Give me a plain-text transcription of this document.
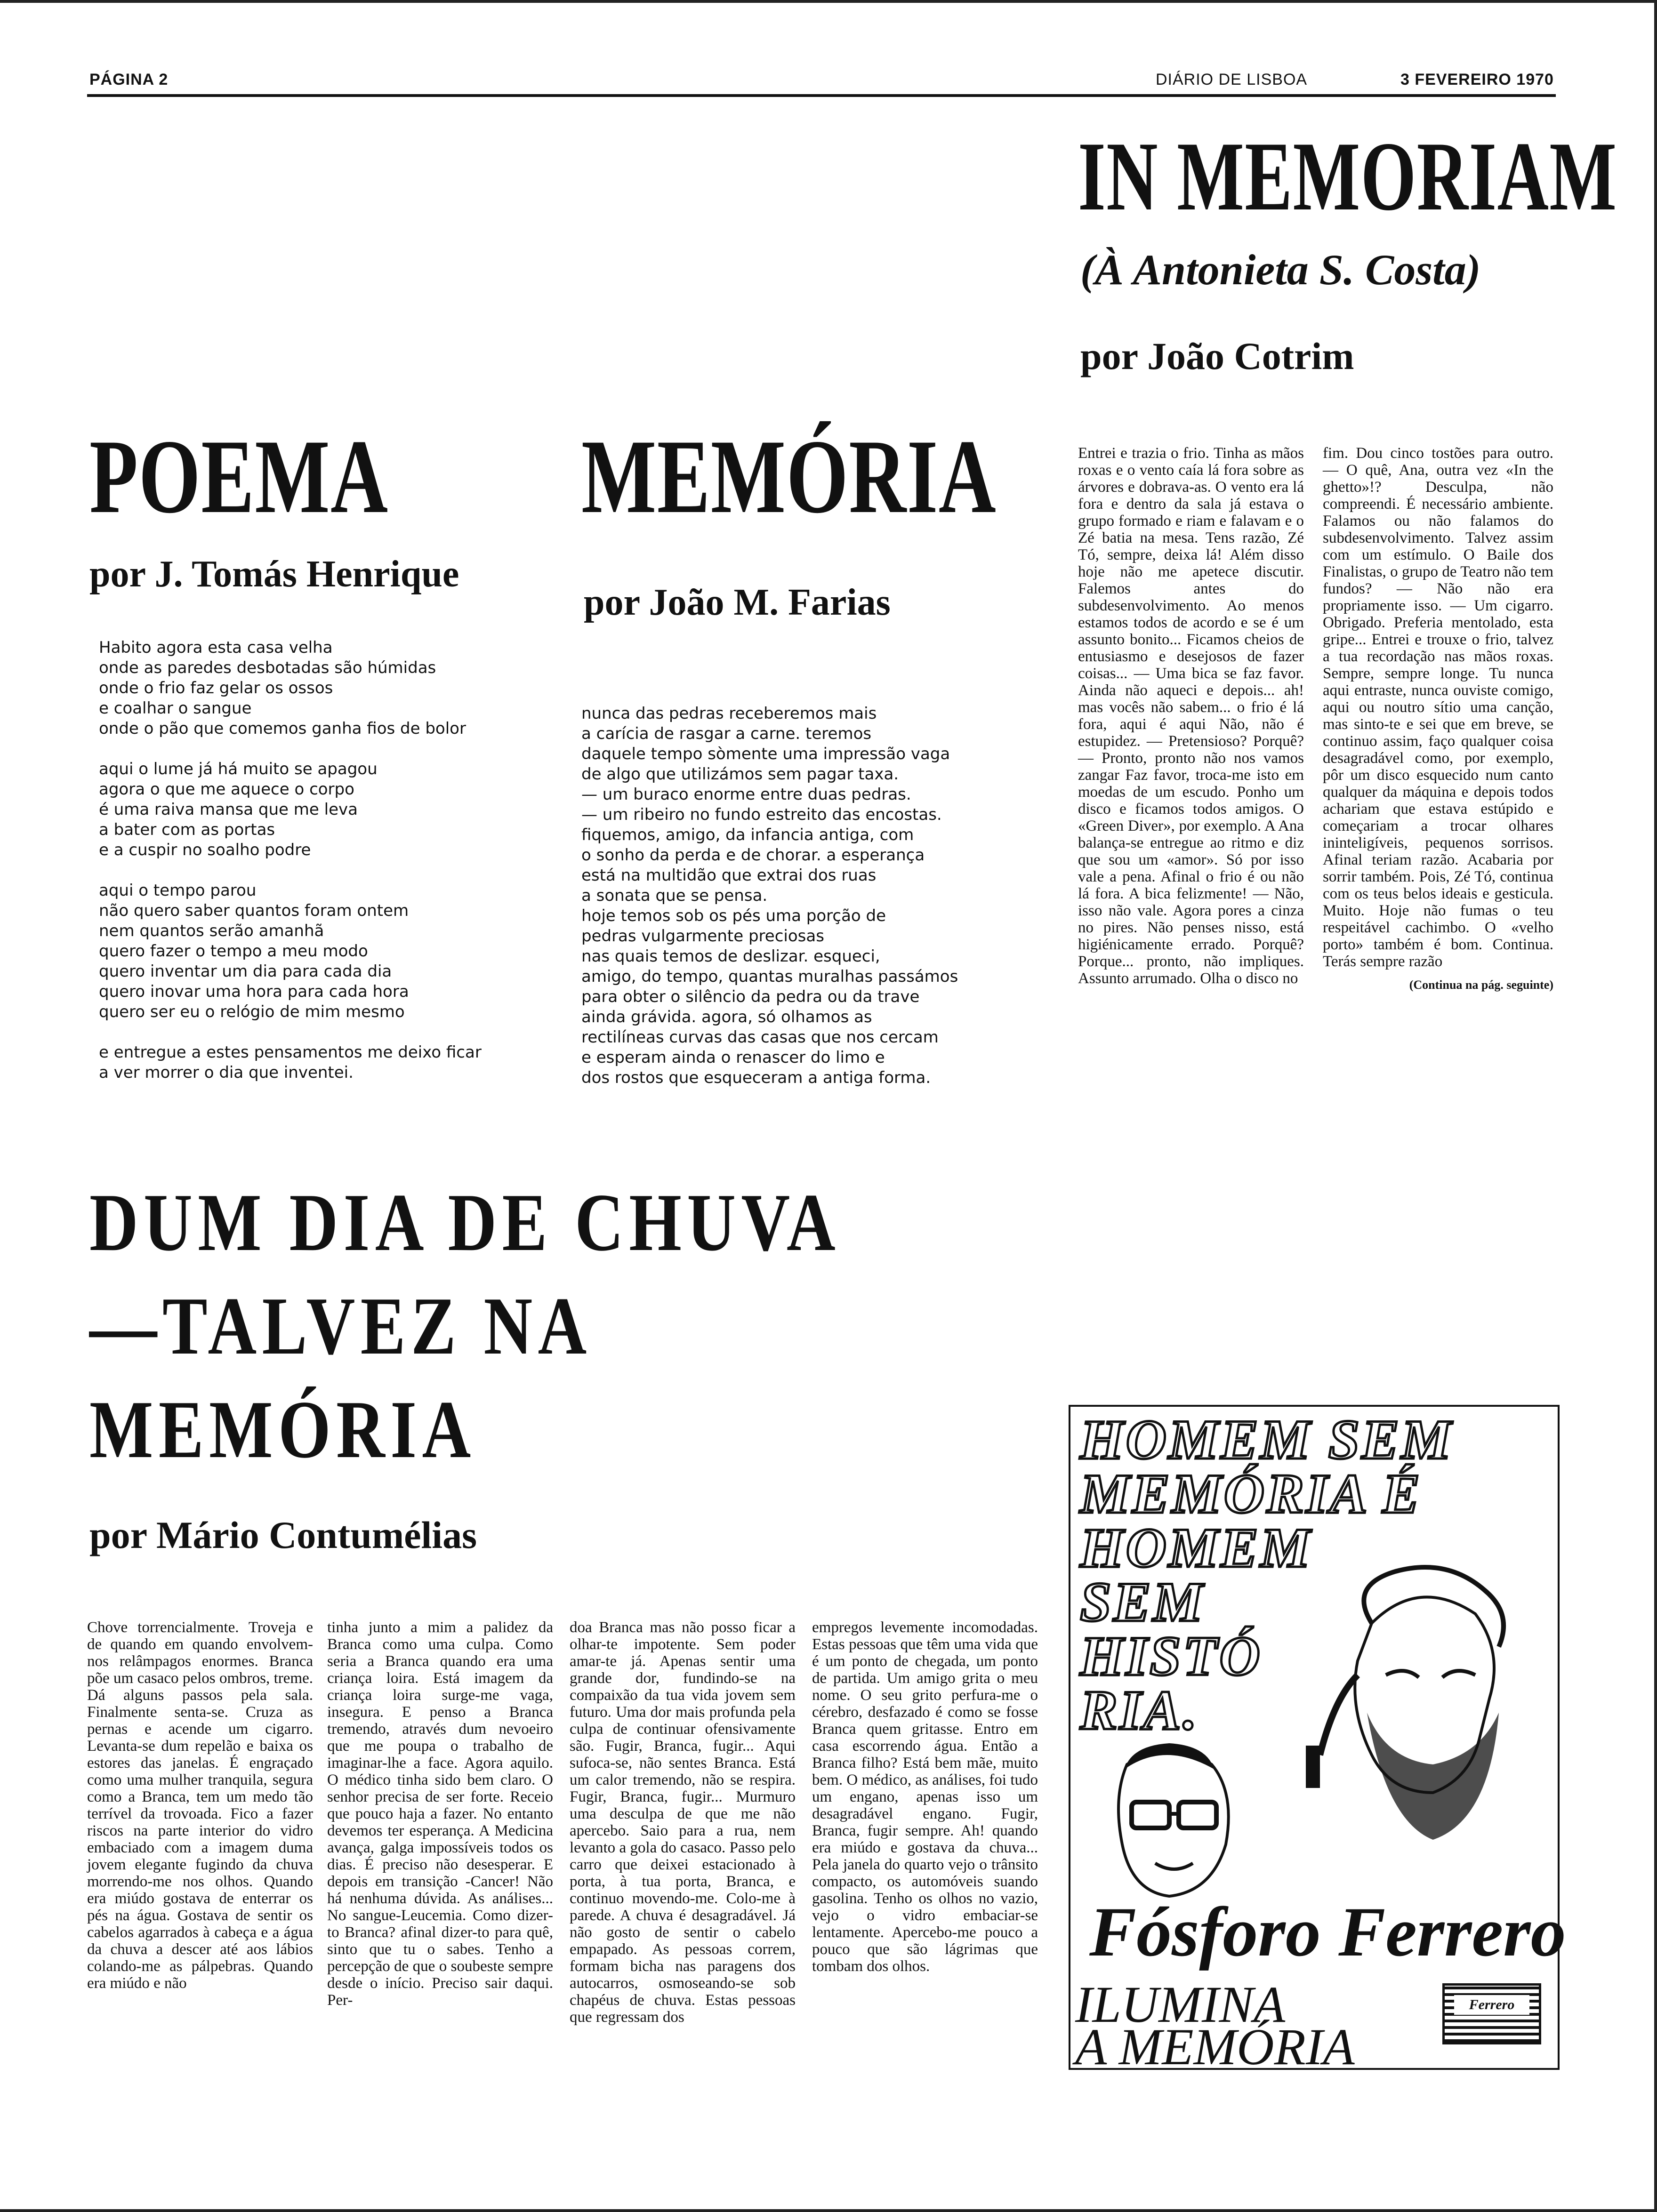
PÁGINA 2	DIÁRIO DE LISBOA	3 FEVEREIRO 1970
IN MEMORIAM
(À Antonieta S. Costa)
por João Cotrim

Entrei e trazia o frio. Tinha as mãos roxas e o vento caía lá fora sobre as árvores e dobrava-as. O vento era lá fora e dentro da sala já estava o grupo formado e riam e falavam e o Zé batia na mesa. Tens razão, Zé Tó, sempre, deixa lá! Além disso hoje não me apetece discutir. Falemos antes do subdesenvolvimento. Ao menos estamos todos de acordo e se é um assunto bonito... Ficamos cheios de entusiasmo e desejosos de fazer coisas... — Uma bica se faz favor. Ainda não aqueci e depois... ah! mas vocês não sabem... o frio é lá fora, aqui é aqui Não, não é estupidez. — Pretensioso? Porquê? — Pronto, pronto não nos vamos zangar Faz favor, troca-me isto em moedas de um escudo. Ponho um disco e ficamos todos amigos. O «Green Diver», por exemplo. A Ana balança-se entregue ao ritmo e diz que sou um «amor». Só por isso vale a pena. Afinal o frio é ou não lá fora. A bica felizmente! — Não, isso não vale. Agora pores a cinza no pires. Não penses nisso, está higiénicamente errado. Porquê? Porque... pronto, não impliques. Assunto arrumado. Olha o disco no

fim. Dou cinco tostões para outro. — O quê, Ana, outra vez «In the ghetto»!? Desculpa, não compreendi. É necessário ambiente. Falamos ou não falamos do subdesenvolvimento. Talvez assim com um estímulo. O Baile dos Finalistas, o grupo de Teatro não tem fundos? — Não não era propriamente isso. — Um cigarro. Obrigado. Preferia mentolado, esta gripe... Entrei e trouxe o frio, talvez a tua recordação nas mãos roxas. Sempre, sempre longe. Tu nunca aqui entraste, nunca ouviste comigo, aqui ou noutro sítio uma canção, mas sinto-te e sei que em breve, se continuo assim, faço qualquer coisa desagradável como, por exemplo, pôr um disco esquecido num canto qualquer da máquina e depois todos achariam que estava estúpido e começariam a trocar olhares ininteligíveis, pequenos sorrisos. Afinal teriam razão. Acabaria por sorrir também. Pois, Zé Tó, continua com os teus belos ideais e gesticula. Muito. Hoje não fumas o teu respeitável cachimbo. O «velho porto» também é bom. Continua. Terás sempre razão

(Continua na pág. seguinte)

POEMA
por J. Tomás Henrique
Habito agora esta casa velha
onde as paredes desbotadas são húmidas
onde o frio faz gelar os ossos
e coalhar o sangue
onde o pão que comemos ganha fios de bolor

aqui o lume já há muito se apagou
agora o que me aquece o corpo
é uma raiva mansa que me leva
a bater com as portas
e a cuspir no soalho podre

aqui o tempo parou
não quero saber quantos foram ontem
nem quantos serão amanhã
quero fazer o tempo a meu modo
quero inventar um dia para cada dia
quero inovar uma hora para cada hora
quero ser eu o relógio de mim mesmo

e entregue a estes pensamentos me deixo ficar
a ver morrer o dia que inventei.
MEMÓRIA
por João M. Farias
nunca das pedras receberemos mais
a carícia de rasgar a carne. teremos
daquele tempo sòmente uma impressão vaga
de algo que utilizámos sem pagar taxa.
— um buraco enorme entre duas pedras.
— um ribeiro no fundo estreito das encostas.
fiquemos, amigo, da infancia antiga, com
o sonho da perda e de chorar. a esperança
está na multidão que extrai dos ruas
a sonata que se pensa.
hoje temos sob os pés uma porção de
pedras vulgarmente preciosas
nas quais temos de deslizar. esqueci,
amigo, do tempo, quantas muralhas passámos
para obter o silêncio da pedra ou da trave
ainda grávida. agora, só olhamos as
rectilíneas curvas das casas que nos cercam
e esperam ainda o renascer do limo e
dos rostos que esqueceram a antiga forma.
DUM DIA DE CHUVA
—TALVEZ NA
MEMÓRIA
por Mário Contumélias

Chove torrencialmente. Troveja e de quando em quando envolvem-nos relâmpagos enormes. Branca põe um casaco pelos ombros, treme. Dá alguns passos pela sala. Finalmente senta-se. Cruza as pernas e acende um cigarro. Levanta-se dum repelão e baixa os estores das janelas. É engraçado como uma mulher tranquila, segura como a Branca, tem um medo tão terrível da trovoada. Fico a fazer riscos na parte interior do vidro embaciado com a imagem duma jovem elegante fugindo da chuva morrendo-me nos olhos. Quando era miúdo gostava de enterrar os pés na água. Gostava de sentir os cabelos agarrados à cabeça e a água da chuva a descer até aos lábios colando-me as pálpebras. Quando era miúdo e não

tinha junto a mim a palidez da Branca como uma culpa. Como seria a Branca quando era uma criança loira. Está imagem da criança loira surge-me vaga, insegura. E penso a Branca tremendo, através dum nevoeiro que me poupa o trabalho de imaginar-lhe a face. Agora aquilo. O médico tinha sido bem claro. O senhor precisa de ser forte. Receio que pouco haja a fazer. No entanto devemos ter esperança. A Medicina avança, galga impossíveis todos os dias. É preciso não desesperar. E depois em transição -Cancer! Não há nenhuma dúvida. As análises... No sangue-Leucemia. Como dizer-to Branca? afinal dizer-to para quê, sinto que tu o sabes. Tenho a percepção de que o soubeste sempre desde o início. Preciso sair daqui. Per-

doa Branca mas não posso ficar a olhar-te impotente. Sem poder amar-te já. Apenas sentir uma grande dor, fundindo-se na compaixão da tua vida jovem sem futuro. Uma dor mais profunda pela culpa de continuar ofensivamente são. Fugir, Branca, fugir... Aqui sufoca-se, não sentes Branca. Está um calor tremendo, não se respira. Fugir, Branca, fugir... Murmuro uma desculpa de que me não apercebo. Saio para a rua, nem levanto a gola do casaco. Passo pelo carro que deixei estacionado à porta, à tua porta, Branca, e continuo movendo-me. Colo-me à parede. A chuva é desagradável. Já não gosto de sentir o cabelo empapado. As pessoas correm, formam bicha nas paragens dos autocarros, osmoseando-se sob chapéus de chuva. Estas pessoas que regressam dos

empregos levemente incomodadas. Estas pessoas que têm uma vida que é um ponto de chegada, um ponto de partida. Um amigo grita o meu nome. O seu grito perfura-me o cérebro, desfazado é como se fosse Branca quem gritasse. Entro em casa escorrendo água. Então a Branca filho? Está bem mãe, muito bem. O médico, as análises, foi tudo um engano, apenas isso um desagradável engano. Fugir, Branca, fugir sempre. Ah! quando era miúdo e gostava da chuva... Pela janela do quarto vejo o trânsito compacto, os automóveis suando gasolina. Tenho os olhos no vazio, vejo o vidro embaciar-se lentamente. Apercebo-me pouco a pouco que são lágrimas que tombam dos olhos.

HOMEM SEM
MEMÓRIA É
HOMEM
SEM
HISTÓ
RIA.
Fósforo Ferrero
ILUMINA
A MEMÓRIA
Ferrero
